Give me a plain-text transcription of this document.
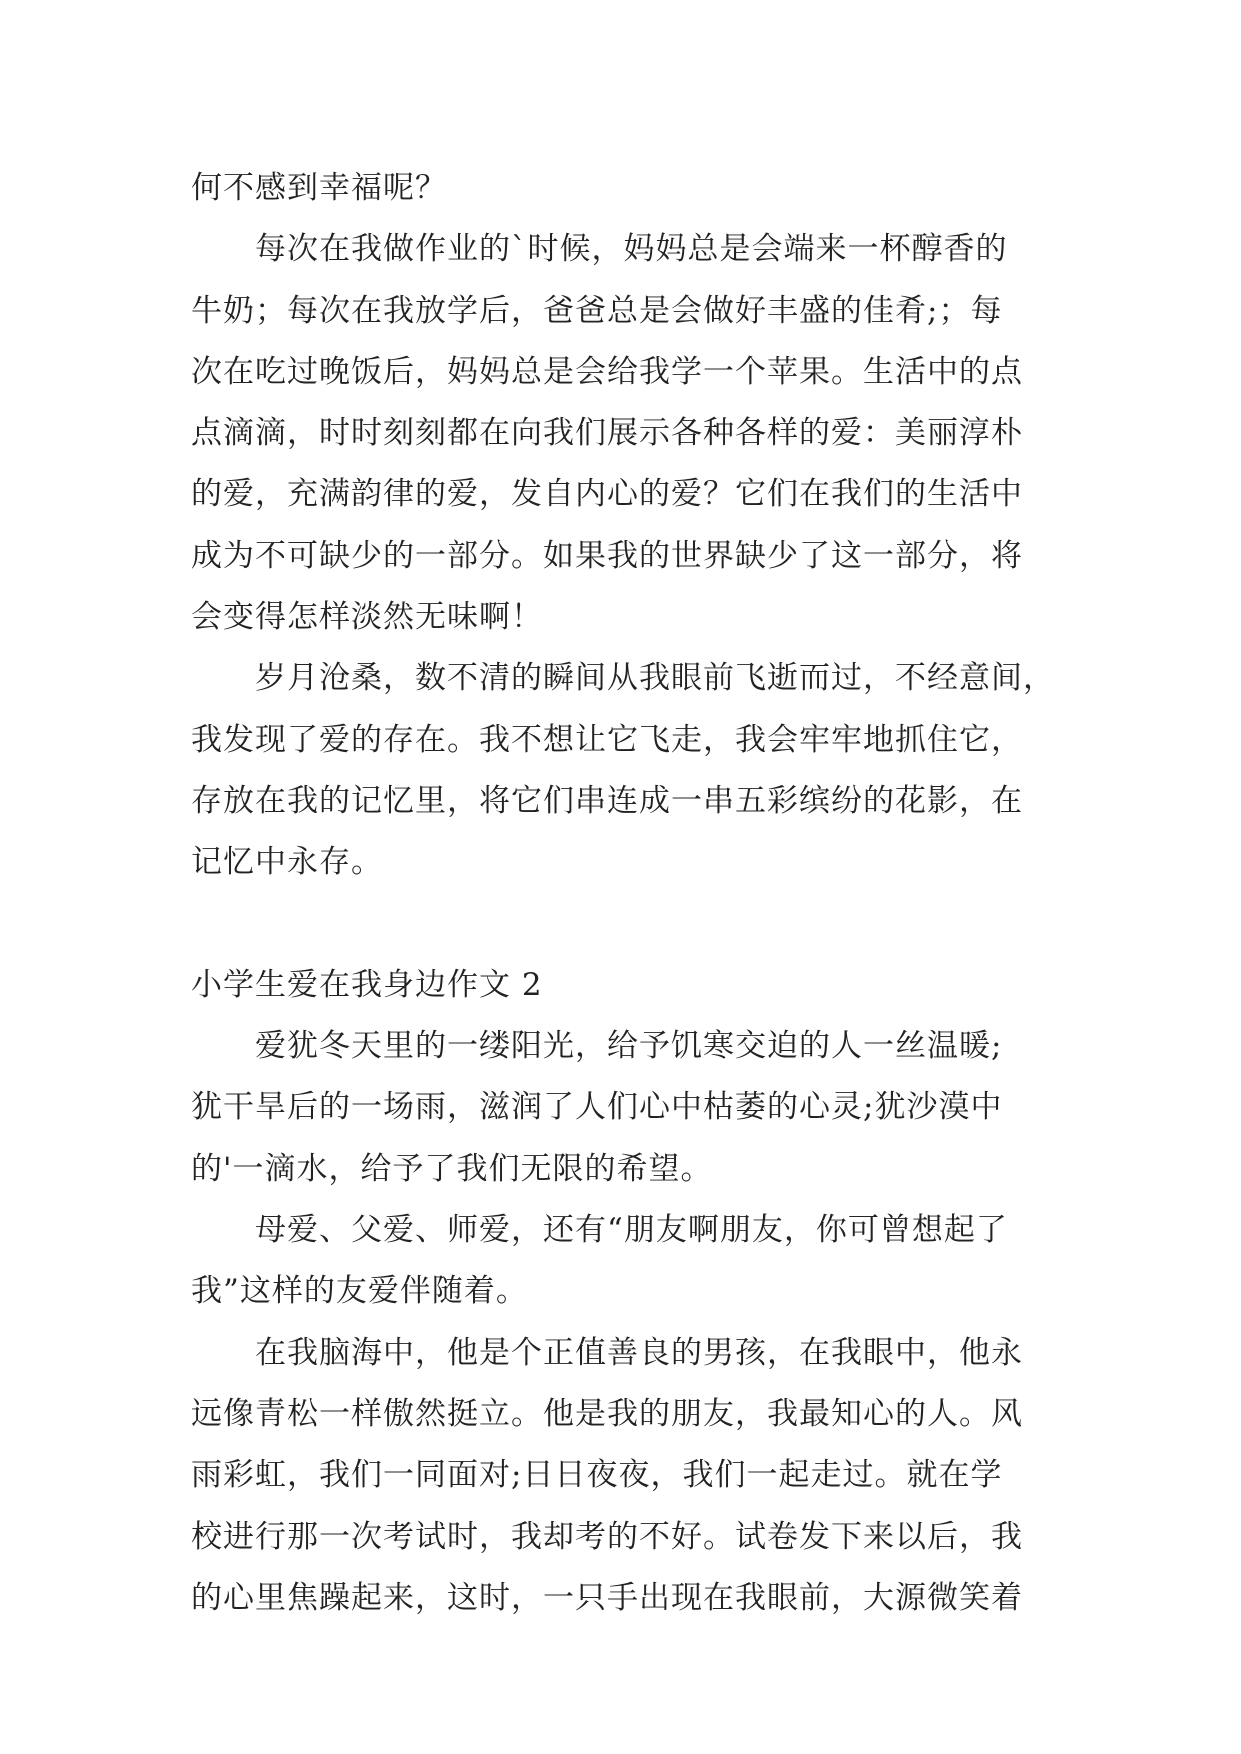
何不感到幸福呢？
每次在我做作业的`时候，妈妈总是会端来一杯醇香的
牛奶；每次在我放学后，爸爸总是会做好丰盛的佳肴;；每
次在吃过晚饭后，妈妈总是会给我学一个苹果。生活中的点
点滴滴，时时刻刻都在向我们展示各种各样的爱：美丽淳朴
的爱，充满韵律的爱，发自内心的爱？它们在我们的生活中
成为不可缺少的一部分。如果我的世界缺少了这一部分，将
会变得怎样淡然无味啊！
岁月沧桑，数不清的瞬间从我眼前飞逝而过，不经意间，
我发现了爱的存在。我不想让它飞走，我会牢牢地抓住它，
存放在我的记忆里，将它们串连成一串五彩缤纷的花影，在
记忆中永存。
小学生爱在我身边作文 2
爱犹冬天里的一缕阳光，给予饥寒交迫的人一丝温暖;
犹干旱后的一场雨，滋润了人们心中枯萎的心灵;犹沙漠中
的'一滴水，给予了我们无限的希望。
母爱、父爱、师爱，还有“朋友啊朋友，你可曾想起了
我”这样的友爱伴随着。
在我脑海中，他是个正值善良的男孩，在我眼中，他永
远像青松一样傲然挺立。他是我的朋友，我最知心的人。风
雨彩虹，我们一同面对;日日夜夜，我们一起走过。就在学
校进行那一次考试时，我却考的不好。试卷发下来以后，我
的心里焦躁起来，这时，一只手出现在我眼前，大源微笑着
